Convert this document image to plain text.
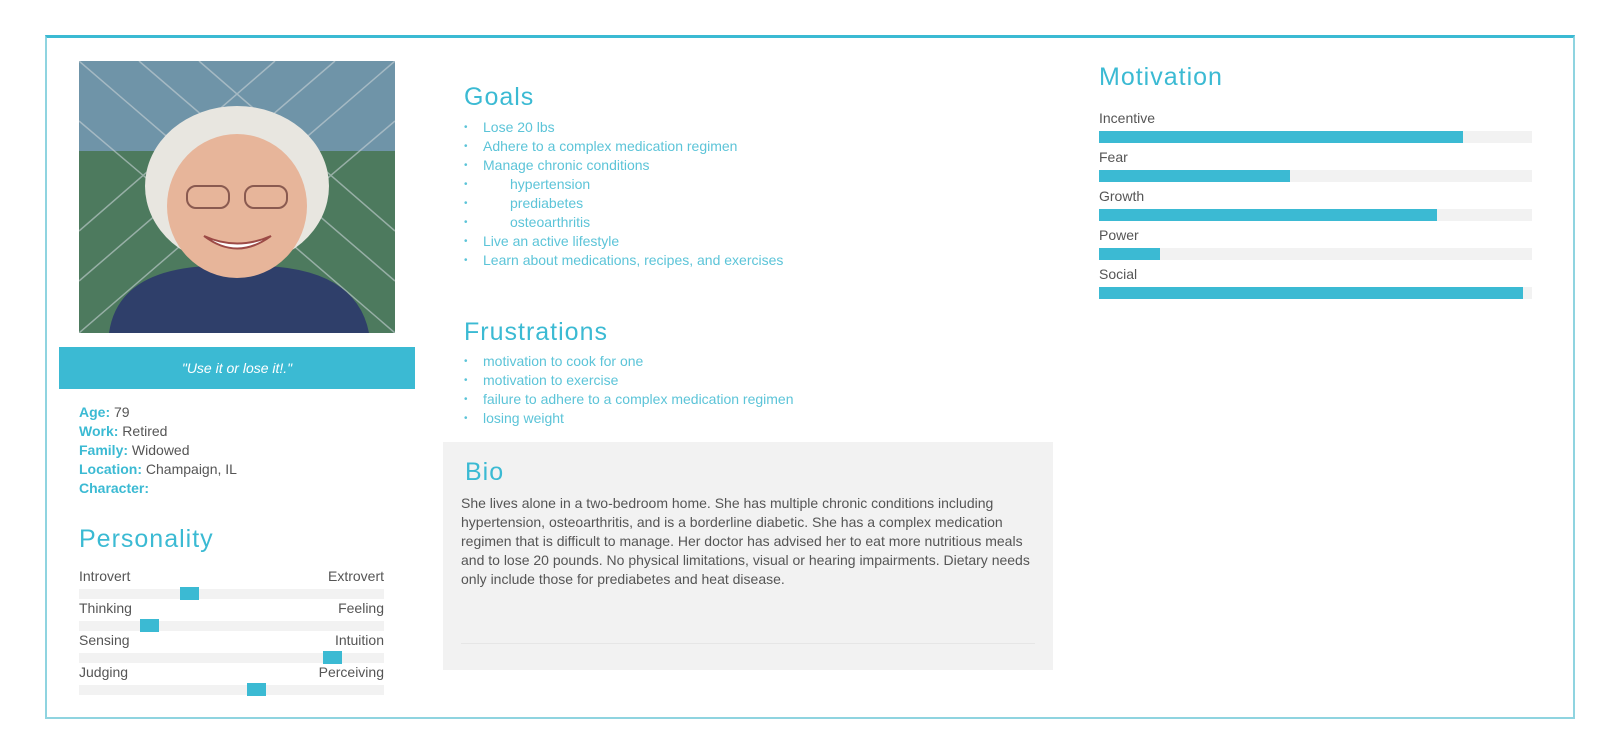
"Use it or lose it!."
Age: 79
Work: Retired
Family: Widowed
Location: Champaign, IL
Character:
Personality
Introvert	Extrovert
Thinking	Feeling
Sensing	Intuition
Judging	Perceiving
Goals
• Lose 20 lbs
• Adhere to a complex medication regimen
• Manage chronic conditions
• hypertension
• prediabetes
• osteoarthritis
• Live an active lifestyle
• Learn about medications, recipes, and exercises
Frustrations
• motivation to cook for one
• motivation to exercise
• failure to adhere to a complex medication regimen
• losing weight
Bio
She lives alone in a two-bedroom home. She has multiple chronic conditions including hypertension, osteoarthritis, and is a borderline diabetic. She has a complex medication regimen that is difficult to manage. Her doctor has advised her to eat more nutritious meals and to lose 20 pounds. No physical limitations, visual or hearing impairments. Dietary needs only include those for prediabetes and heat disease.
Motivation
Incentive
Fear
Growth
Power
Social
